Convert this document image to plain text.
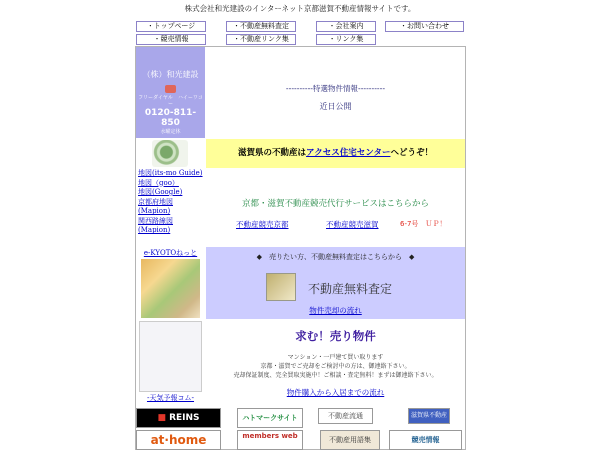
株式会社和光建設のインターネット京都滋賀不動産情報サイトです。
・トップページ	・不動産無料査定	・会社案内	・お問い合わせ
・競売情報	・不動産リンク集	・リンク集
（株）和光建設
フリーダイヤル　ハイーワコー
0120-811-850
水曜定休
----------特選物件情報----------
近日公開
滋賀県の不動産はアクセス住宅センターへどうぞ！
地図(its-mo Guide)
地図（goo）
地図(Google)
京都府地図
(Mapion)
関西路線図
(Mapion)
京都・滋賀不動産競売代行サービスはこちらから
不動産競売京都	不動産競売滋賀	6-7号　ＵＰ！
e-KYOTOねっと	◆　売りたい方、不動産無料査定はこちらから　◆
不動産無料査定
物件売却の流れ
-天気予報コム-
求む！売り物件
マンション・一戸建て買い取ります
京都・滋賀でご売却をご検討中の方は、御連絡下さい。
売却保証制度、完全買取実施中！ご相談・査定無料！まずは御連絡下さい。
物件購入から入居までの流れ
■ REINS	ハトマークサイト	不動産流通	滋賀県不動産
at·home	members web	不動産用語集	競売情報
